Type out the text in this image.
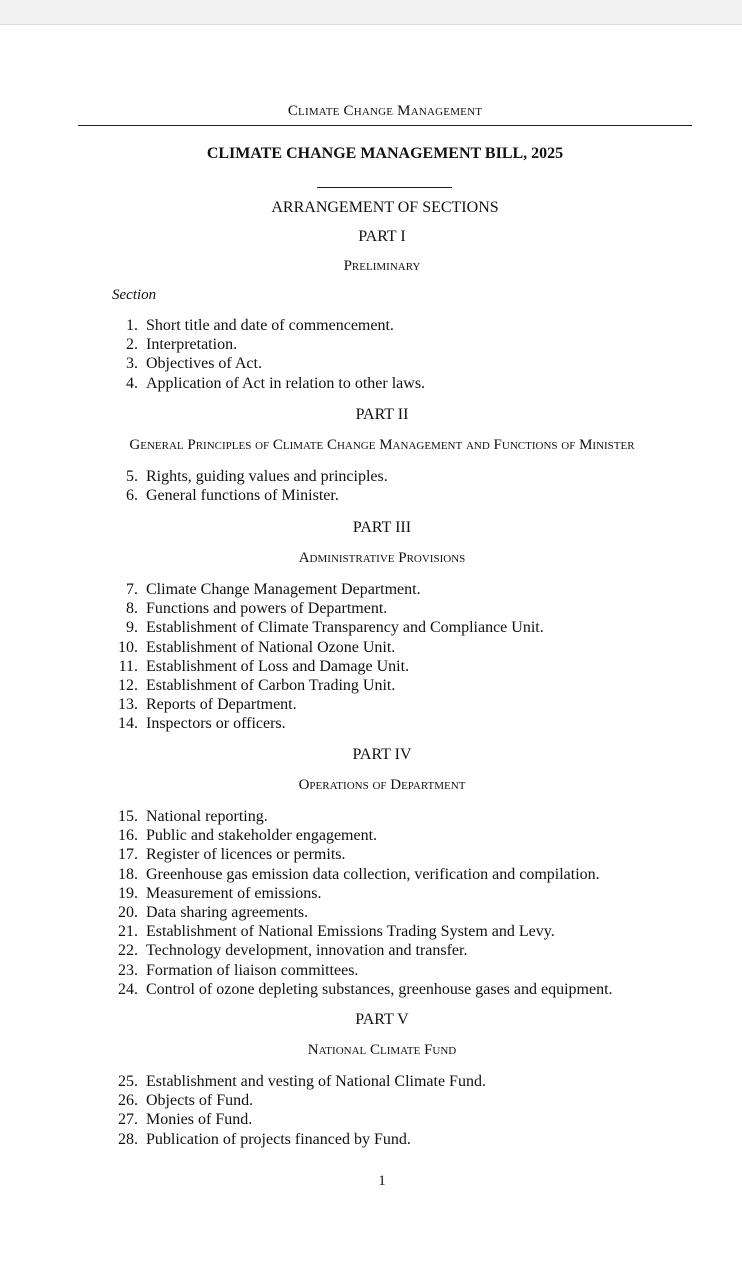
Climate Change Management
CLIMATE CHANGE MANAGEMENT BILL, 2025
ARRANGEMENT OF SECTIONS
PART I
Preliminary
Section
1. Short title and date of commencement.
2. Interpretation.
3. Objectives of Act.
4. Application of Act in relation to other laws.
PART II
General Principles of Climate Change Management and Functions of Minister
5. Rights, guiding values and principles.
6. General functions of Minister.
PART III
Administrative Provisions
7. Climate Change Management Department.
8. Functions and powers of Department.
9. Establishment of Climate Transparency and Compliance Unit.
10. Establishment of National Ozone Unit.
11. Establishment of Loss and Damage Unit.
12. Establishment of Carbon Trading Unit.
13. Reports of Department.
14. Inspectors or officers.
PART IV
Operations of Department
15. National reporting.
16. Public and stakeholder engagement.
17. Register of licences or permits.
18. Greenhouse gas emission data collection, verification and compilation.
19. Measurement of emissions.
20. Data sharing agreements.
21. Establishment of National Emissions Trading System and Levy.
22. Technology development, innovation and transfer.
23. Formation of liaison committees.
24. Control of ozone depleting substances, greenhouse gases and equipment.
PART V
National Climate Fund
25. Establishment and vesting of National Climate Fund.
26. Objects of Fund.
27. Monies of Fund.
28. Publication of projects financed by Fund.
1
